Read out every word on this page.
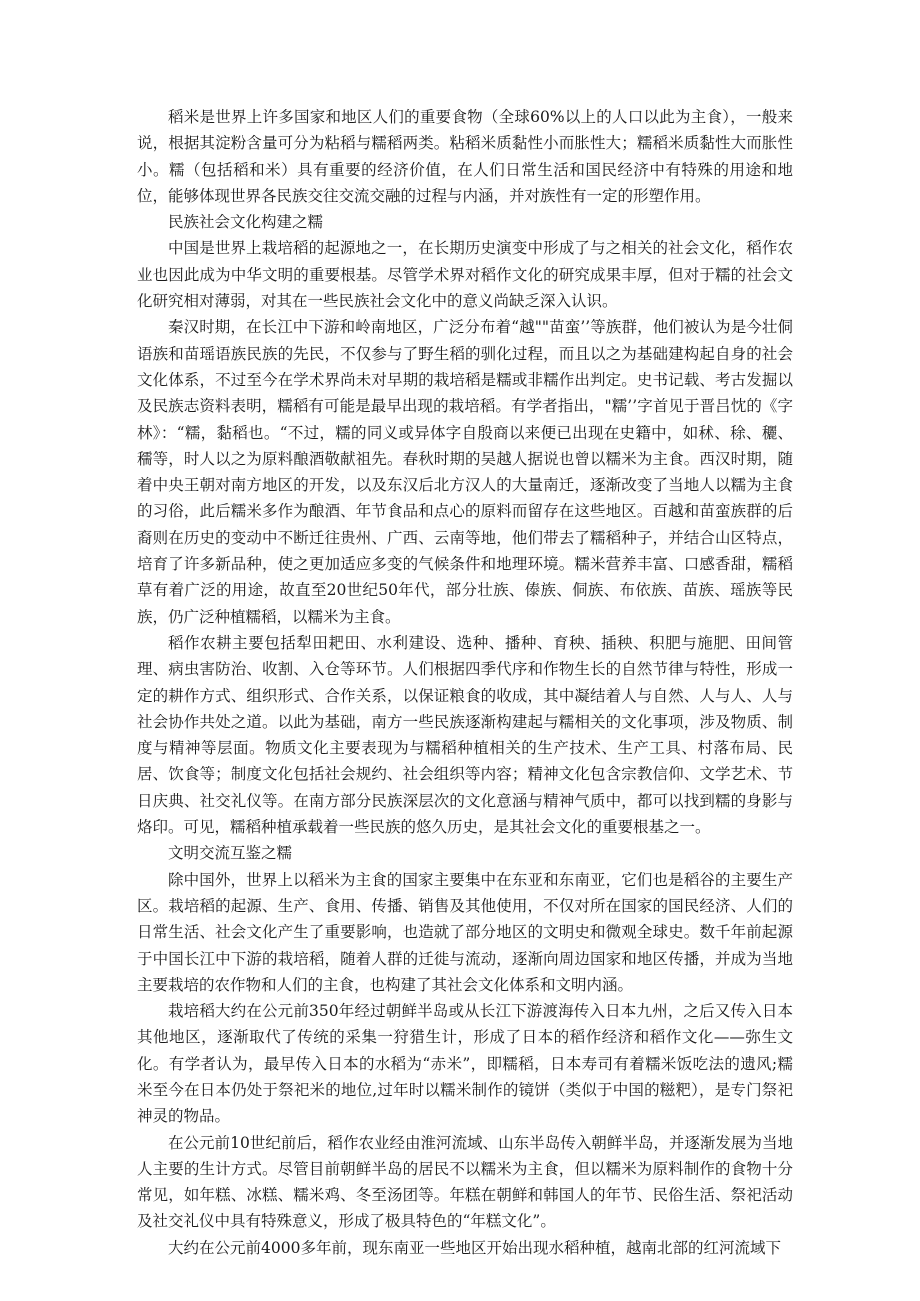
稻米是世界上许多国家和地区人们的重要食物（全球60%以上的人口以此为主食），一般来说，根据其淀粉含量可分为粘稻与糯稻两类。粘稻米质黏性小而胀性大；糯稻米质黏性大而胀性小。糯（包括稻和米）具有重要的经济价值，在人们日常生活和国民经济中有特殊的用途和地位，能够体现世界各民族交往交流交融的过程与内涵，并对族性有一定的形塑作用。

民族社会文化构建之糯

中国是世界上栽培稻的起源地之一，在长期历史演变中形成了与之相关的社会文化，稻作农业也因此成为中华文明的重要根基。尽管学术界对稻作文化的研究成果丰厚，但对于糯的社会文化研究相对薄弱，对其在一些民族社会文化中的意义尚缺乏深入认识。

秦汉时期，在长江中下游和岭南地区，广泛分布着“越""苗蛮’’等族群，他们被认为是今壮侗语族和苗瑶语族民族的先民，不仅参与了野生稻的驯化过程，而且以之为基础建构起自身的社会文化体系，不过至今在学术界尚未对早期的栽培稻是糯或非糯作出判定。史书记载、考古发掘以及民族志资料表明，糯稻有可能是最早出现的栽培稻。有学者指出，"糯’’字首见于晋吕忱的《字林》：“糯，黏稻也。“不过，糯的同义或异体字自殷商以来便已出现在史籍中，如秫、稌、穲、穤等，时人以之为原料酿酒敬献祖先。春秋时期的吴越人据说也曾以糯米为主食。西汉时期，随着中央王朝对南方地区的开发，以及东汉后北方汉人的大量南迁，逐渐改变了当地人以糯为主食的习俗，此后糯米多作为酿酒、年节食品和点心的原料而留存在这些地区。百越和苗蛮族群的后裔则在历史的变动中不断迁往贵州、广西、云南等地，他们带去了糯稻种子，并结合山区特点，培育了许多新品种，使之更加适应多变的气候条件和地理环境。糯米营养丰富、口感香甜，糯稻草有着广泛的用途，故直至20世纪50年代，部分壮族、傣族、侗族、布依族、苗族、瑶族等民族，仍广泛种植糯稻，以糯米为主食。

稻作农耕主要包括犁田耙田、水利建设、选种、播种、育秧、插秧、积肥与施肥、田间管理、病虫害防治、收割、入仓等环节。人们根据四季代序和作物生长的自然节律与特性，形成一定的耕作方式、组织形式、合作关系，以保证粮食的收成，其中凝结着人与自然、人与人、人与社会协作共处之道。以此为基础，南方一些民族逐渐构建起与糯相关的文化事项，涉及物质、制度与精神等层面。物质文化主要表现为与糯稻种植相关的生产技术、生产工具、村落布局、民居、饮食等；制度文化包括社会规约、社会组织等内容；精神文化包含宗教信仰、文学艺术、节日庆典、社交礼仪等。在南方部分民族深层次的文化意涵与精神气质中，都可以找到糯的身影与烙印。可见，糯稻种植承载着一些民族的悠久历史，是其社会文化的重要根基之一。

文明交流互鉴之糯

除中国外，世界上以稻米为主食的国家主要集中在东亚和东南亚，它们也是稻谷的主要生产区。栽培稻的起源、生产、食用、传播、销售及其他使用，不仅对所在国家的国民经济、人们的日常生活、社会文化产生了重要影响，也造就了部分地区的文明史和微观全球史。数千年前起源于中国长江中下游的栽培稻，随着人群的迁徙与流动，逐渐向周边国家和地区传播，并成为当地主要栽培的农作物和人们的主食，也构建了其社会文化体系和文明内涵。

栽培稻大约在公元前350年经过朝鲜半岛或从长江下游渡海传入日本九州，之后又传入日本其他地区，逐渐取代了传统的采集一狩猎生计，形成了日本的稻作经济和稻作文化——弥生文化。有学者认为，最早传入日本的水稻为“赤米”，即糯稻，日本寿司有着糯米饭吃法的遗风;糯米至今在日本仍处于祭祀米的地位,过年时以糯米制作的镜饼（类似于中国的糍粑），是专门祭祀神灵的物品。

在公元前10世纪前后，稻作农业经由淮河流域、山东半岛传入朝鲜半岛，并逐渐发展为当地人主要的生计方式。尽管目前朝鲜半岛的居民不以糯米为主食，但以糯米为原料制作的食物十分常见，如年糕、冰糕、糯米鸡、冬至汤团等。年糕在朝鲜和韩国人的年节、民俗生活、祭祀活动及社交礼仪中具有特殊意义，形成了极具特色的“年糕文化”。

大约在公元前4000多年前，现东南亚一些地区开始出现水稻种植，越南北部的红河流域下
